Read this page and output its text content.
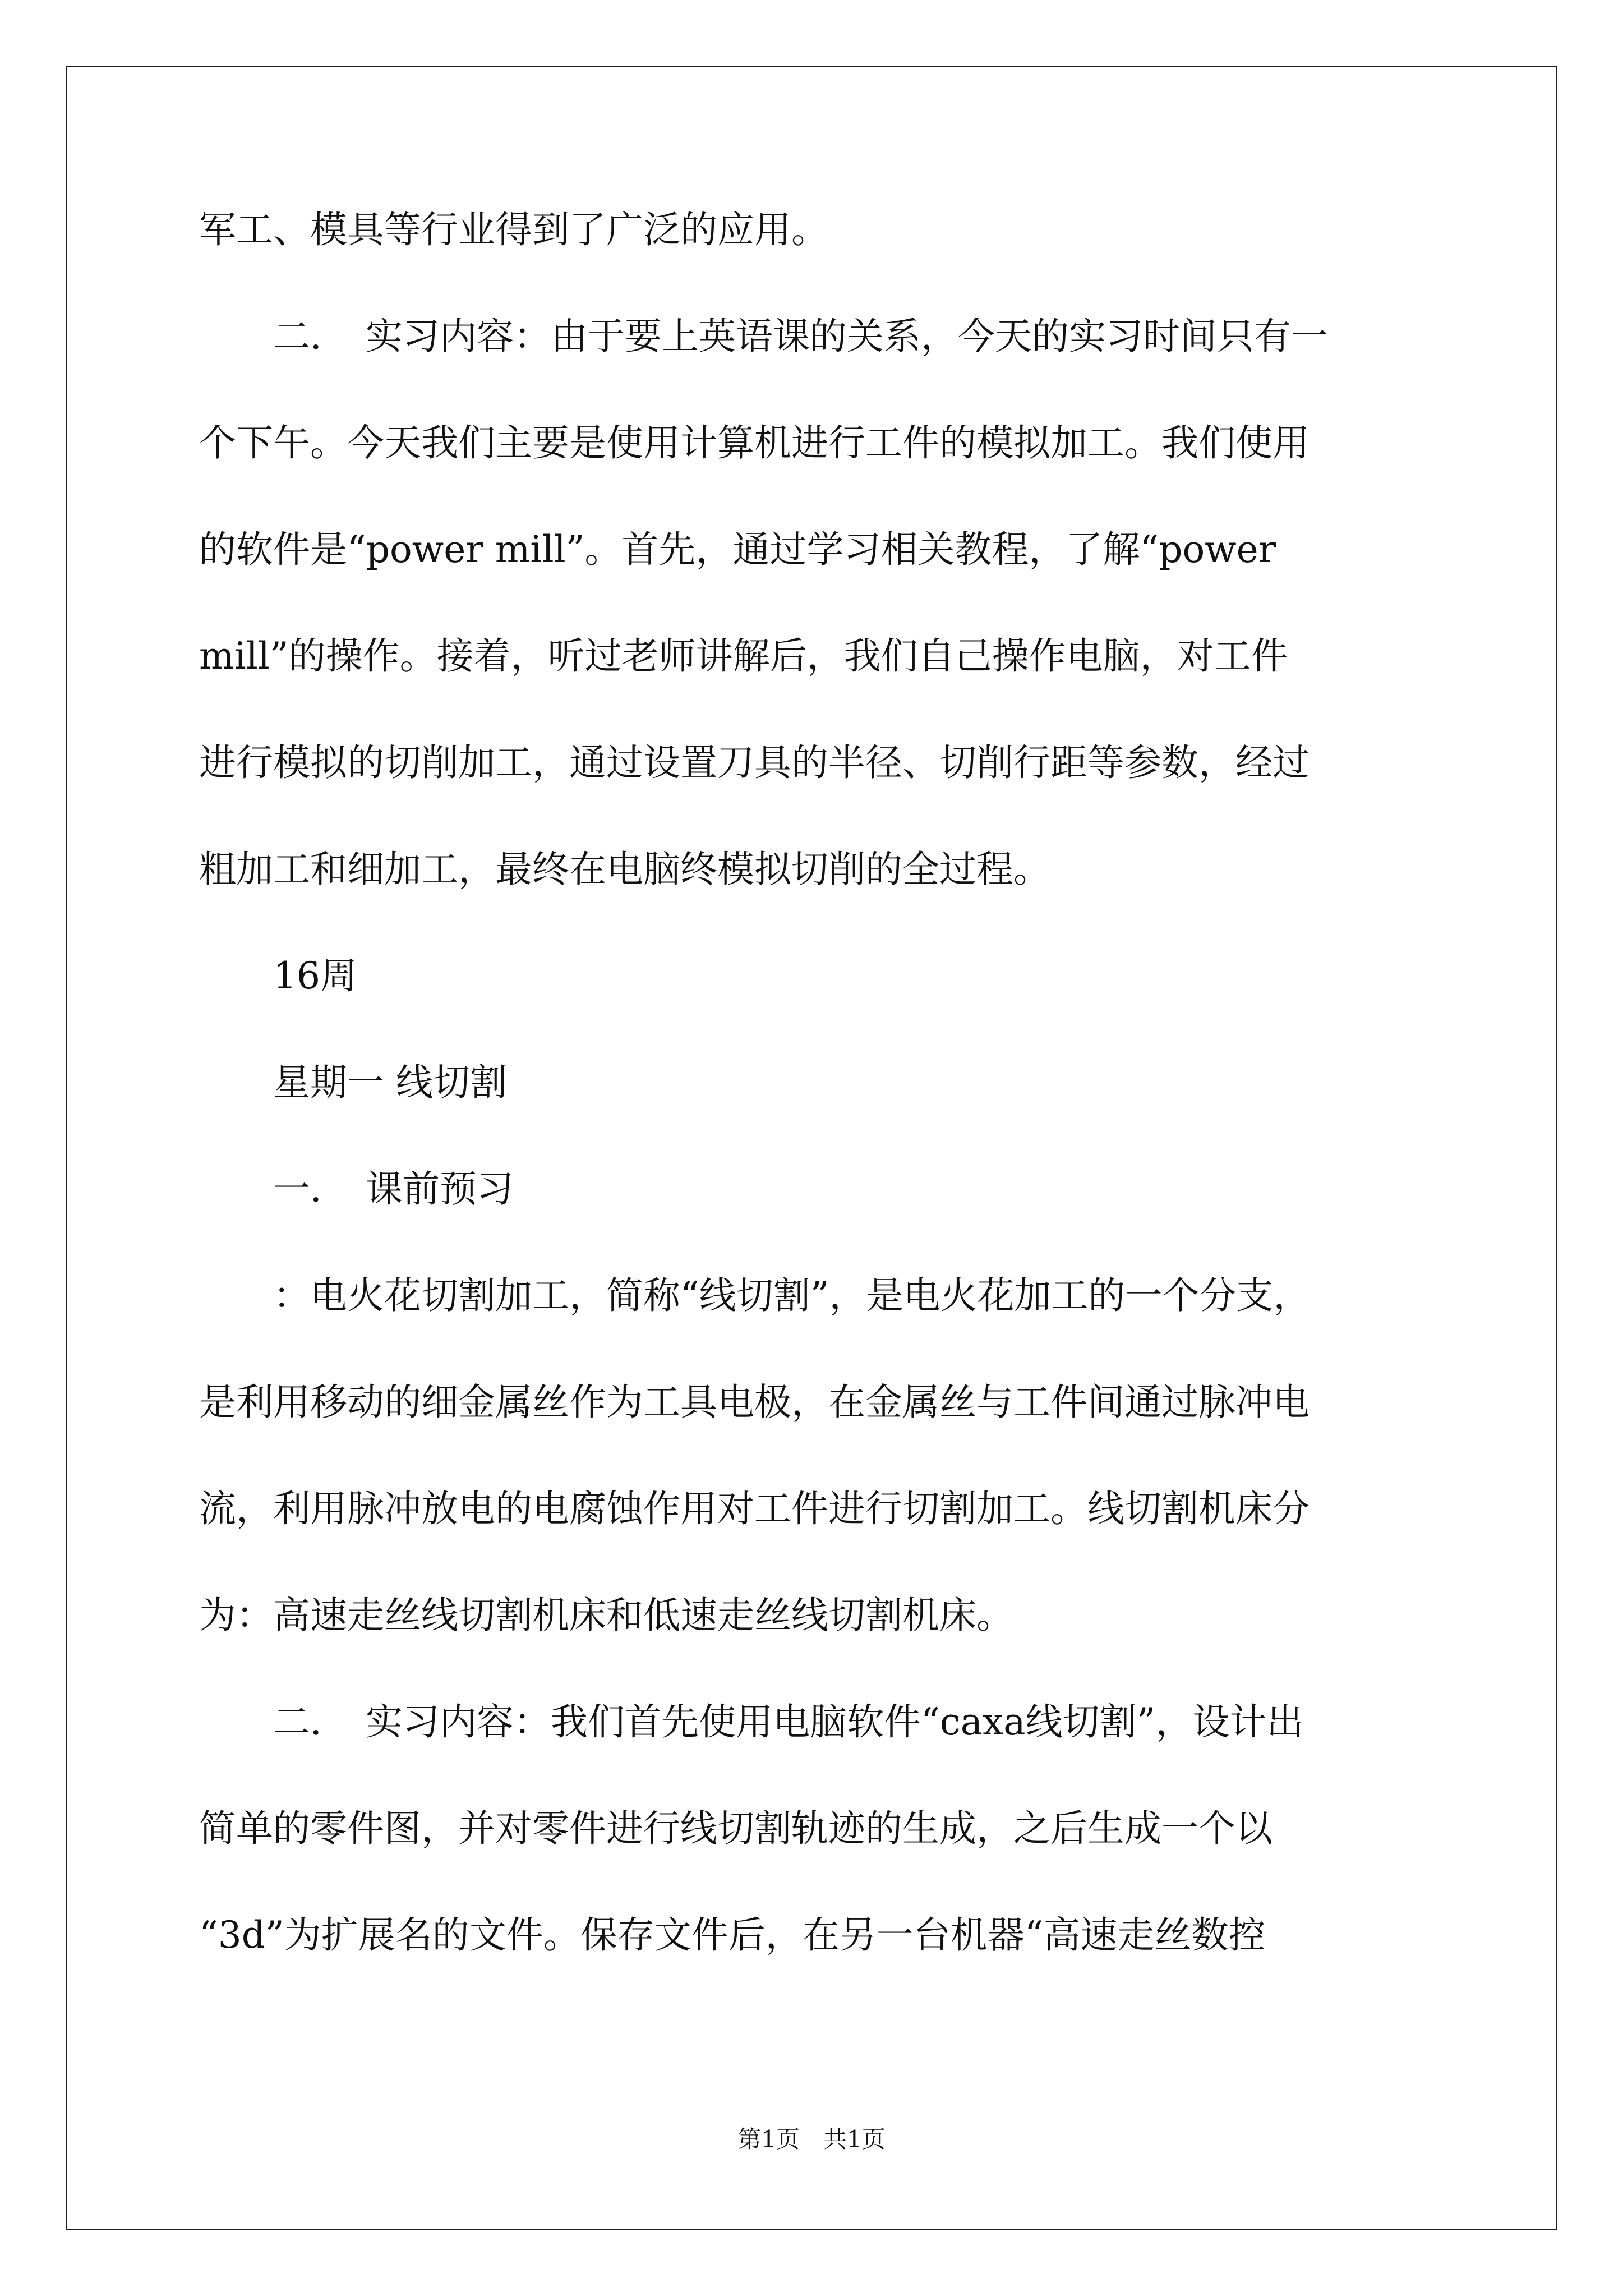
军工、模具等行业得到了广泛的应用。
　　二．　实习内容：由于要上英语课的关系，今天的实习时间只有一
个下午。今天我们主要是使用计算机进行工件的模拟加工。我们使用
的软件是“power mill”。首先，通过学习相关教程，了解“power
mill”的操作。接着，听过老师讲解后，我们自己操作电脑，对工件
进行模拟的切削加工，通过设置刀具的半径、切削行距等参数，经过
粗加工和细加工，最终在电脑终模拟切削的全过程。
　　16周
　　星期一 线切割
　　一．　课前预习
　　：电火花切割加工，简称“线切割”，是电火花加工的一个分支，
是利用移动的细金属丝作为工具电极，在金属丝与工件间通过脉冲电
流，利用脉冲放电的电腐蚀作用对工件进行切割加工。线切割机床分
为：高速走丝线切割机床和低速走丝线切割机床。
　　二．　实习内容：我们首先使用电脑软件“caxa线切割”，设计出
简单的零件图，并对零件进行线切割轨迹的生成，之后生成一个以
“3d”为扩展名的文件。保存文件后，在另一台机器“高速走丝数控
第1页　共1页
